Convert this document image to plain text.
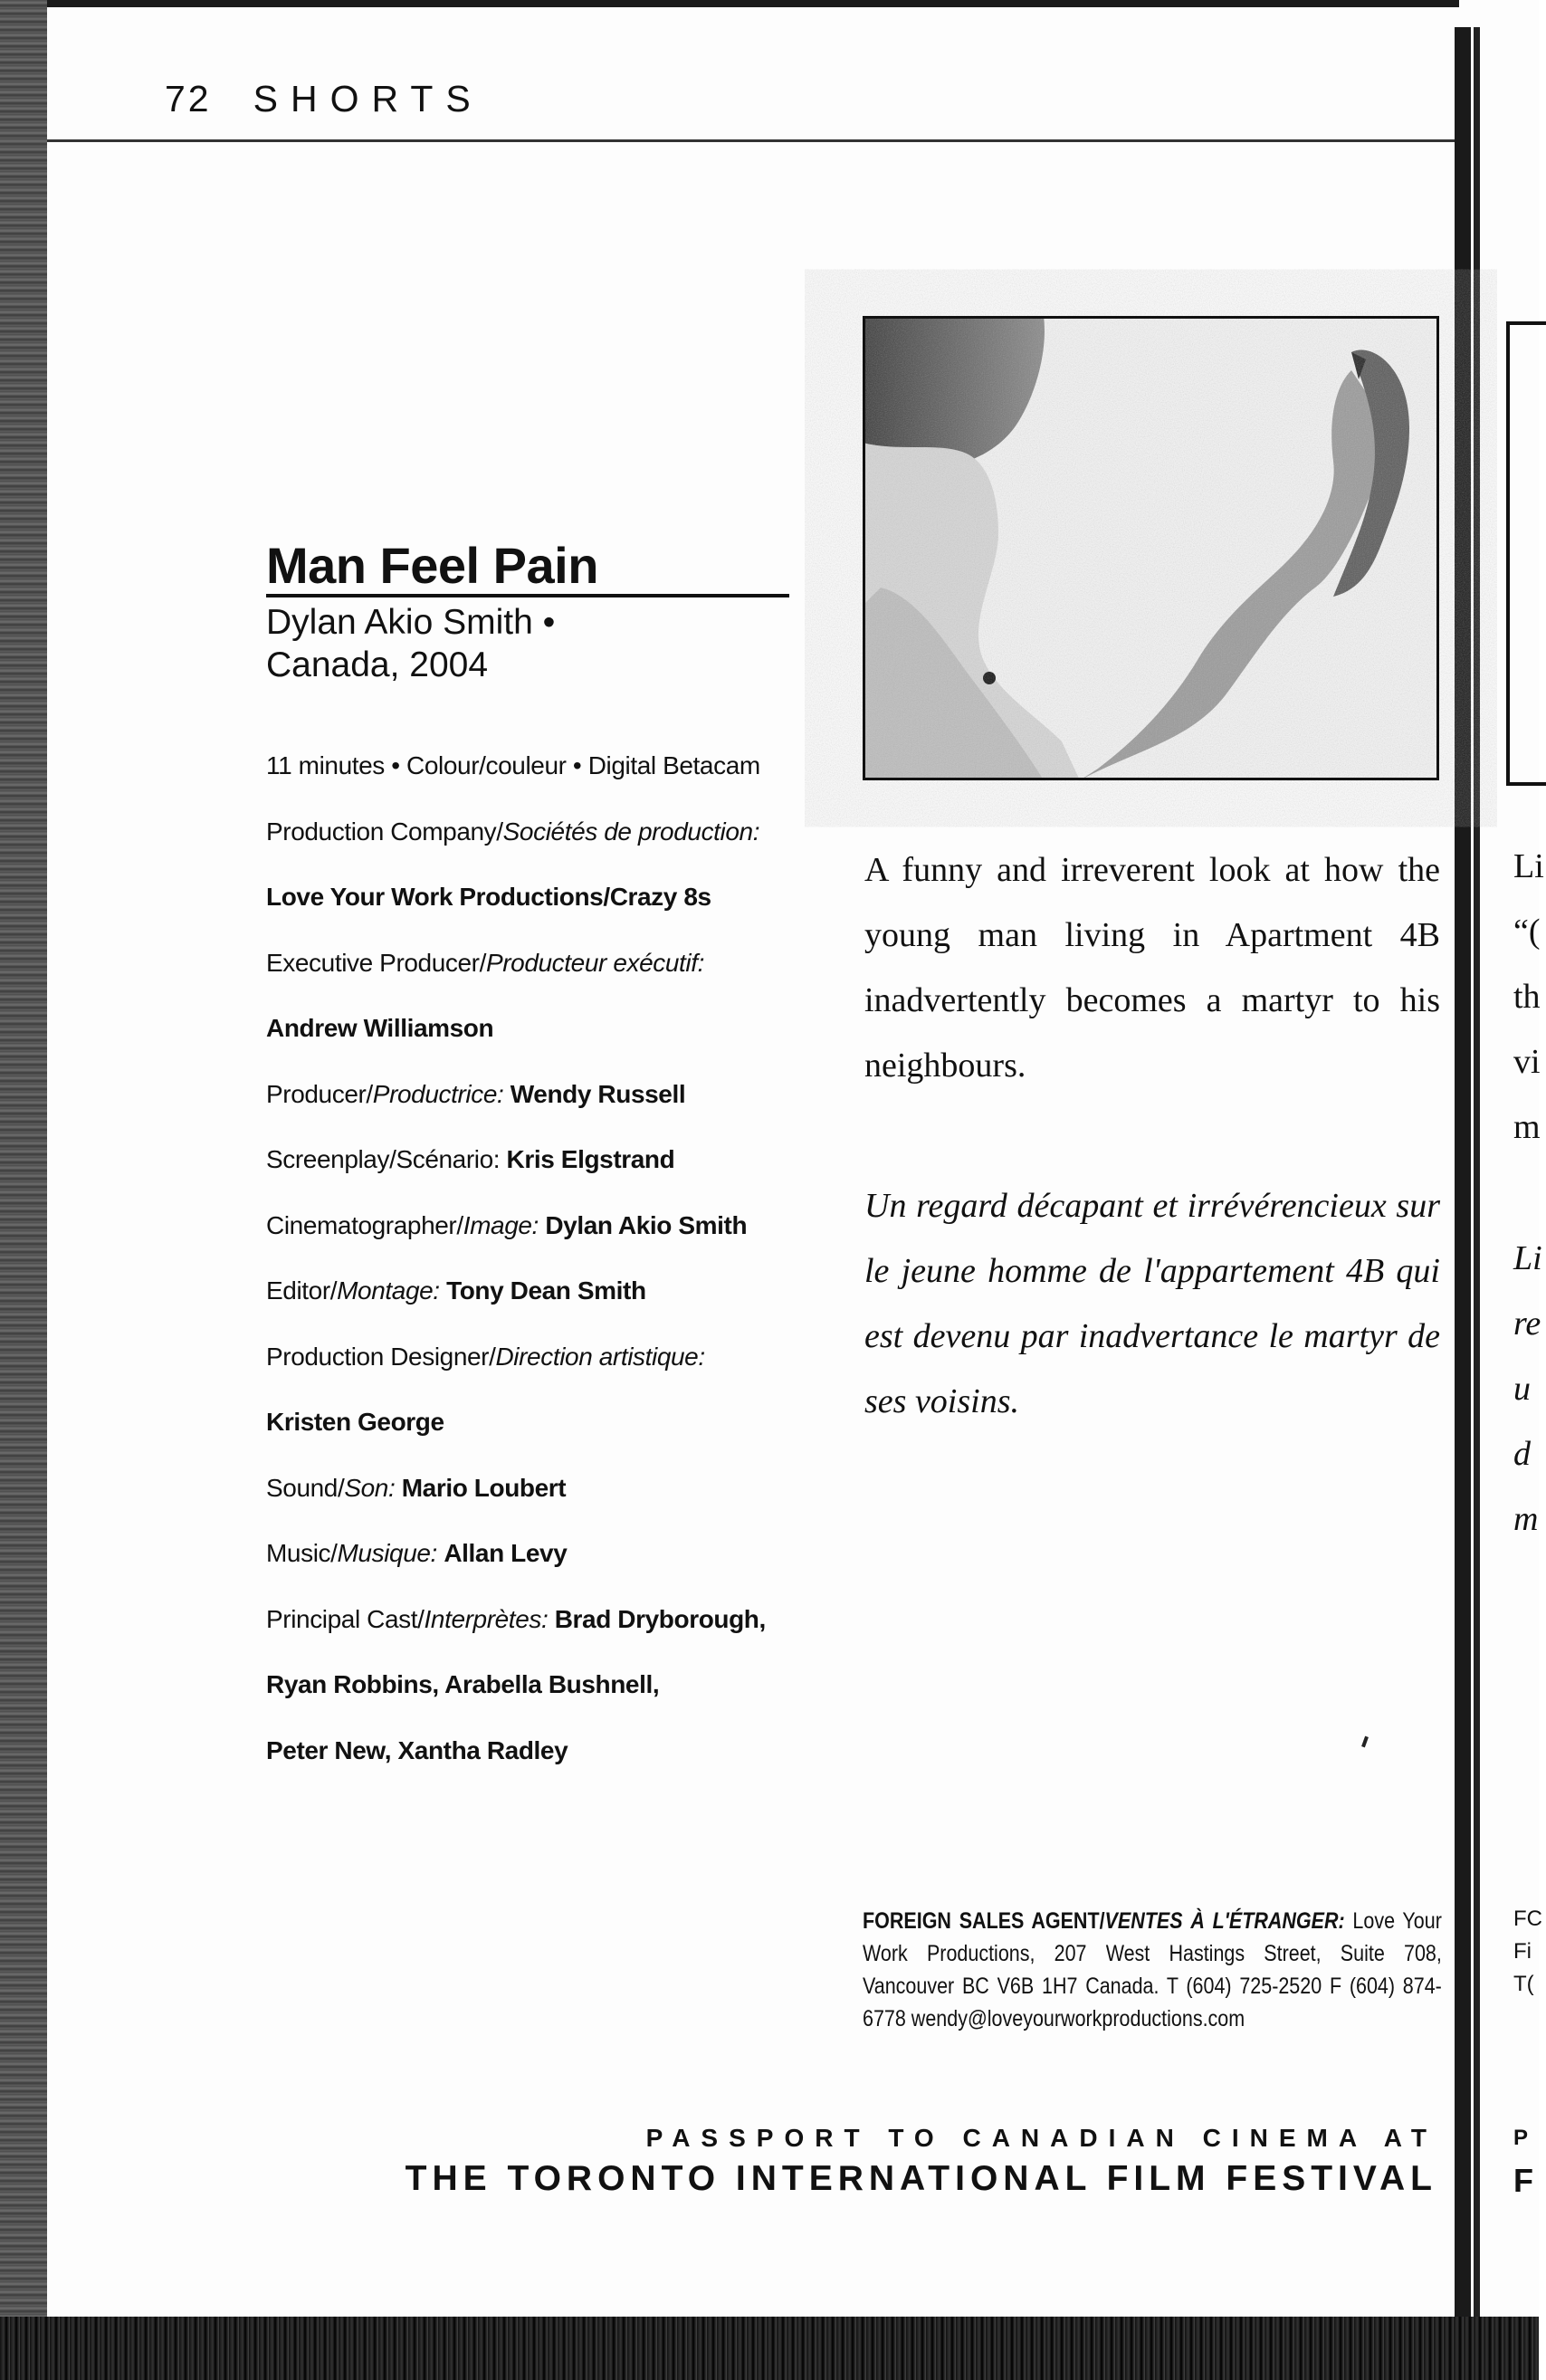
72 SHORTS
Man Feel Pain
Dylan Akio Smith •
Canada, 2004
11 minutes • Colour/couleur • Digital Betacam
Production Company/Sociétés de production:
Love Your Work Productions/Crazy 8s
Executive Producer/Producteur exécutif:
Andrew Williamson
Producer/Productrice: Wendy Russell
Screenplay/Scénario: Kris Elgstrand
Cinematographer/Image: Dylan Akio Smith
Editor/Montage: Tony Dean Smith
Production Designer/Direction artistique:
Kristen George
Sound/Son: Mario Loubert
Music/Musique: Allan Levy
Principal Cast/Interprètes: Brad Dryborough,
Ryan Robbins, Arabella Bushnell,
Peter New, Xantha Radley
A funny and irreverent look at how the young man living in Apartment 4B inadvertently becomes a martyr to his neighbours.
Un regard décapant et irrévérencieux sur le jeune homme de l'appartement 4B qui est devenu par inadvertance le martyr de ses voisins.
FOREIGN SALES AGENT/VENTES À L'ÉTRANGER: Love Your Work Productions, 207 West Hastings Street, Suite 708, Vancouver BC V6B 1H7 Canada. T (604) 725-2520 F (604) 874-6778 wendy@loveyourworkproductions.com
PASSPORT TO CANADIAN CINEMA AT
THE TORONTO INTERNATIONAL FILM FESTIVAL
Li
“(
th
vi
m
Li
re
u
d
m
FC
Fi
T(
P
F
